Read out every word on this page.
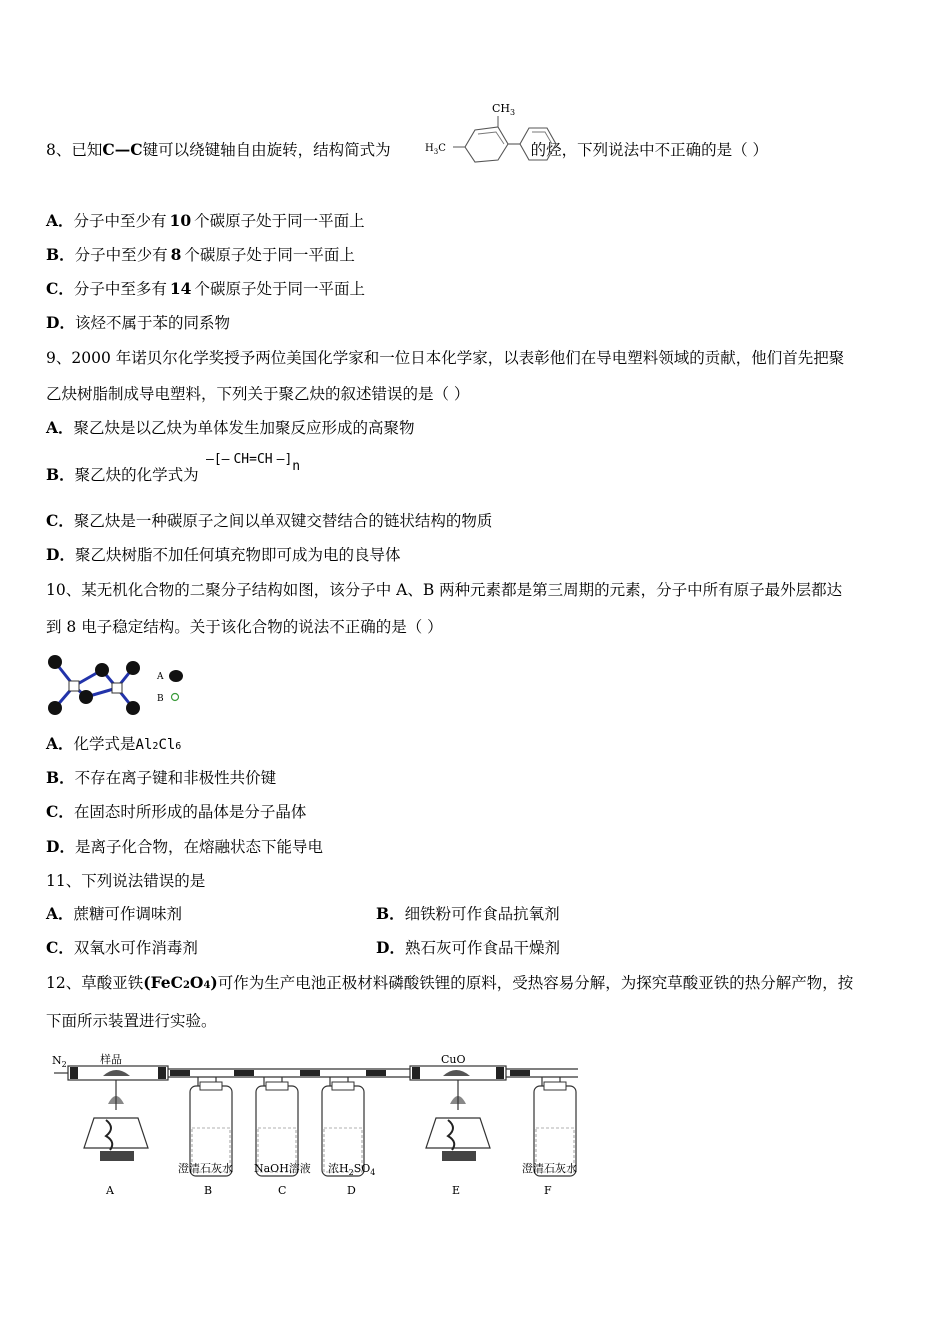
8、已知C—C键可以绕键轴自由旋转，结构简式为	的烃，下列说法中不正确的是（ ）
$CH_3$
$H_3C$
A．分子中至少有 10 个碳原子处于同一平面上
B．分子中至少有 8 个碳原子处于同一平面上
C．分子中至多有 14 个碳原子处于同一平面上
D．该烃不属于苯的同系物
9、2000 年诺贝尔化学奖授予两位美国化学家和一位日本化学家，以表彰他们在导电塑料领域的贡献，他们首先把聚
乙炔树脂制成导电塑料，下列关于聚乙炔的叙述错误的是（ ）
A．聚乙炔是以乙炔为单体发生加聚反应形成的高聚物
B．聚乙炔的化学式为
—[— CH=CH —]n
C．聚乙炔是一种碳原子之间以单双键交替结合的链状结构的物质
D．聚乙炔树脂不加任何填充物即可成为电的良导体
10、某无机化合物的二聚分子结构如图，该分子中 A、B 两种元素都是第三周期的元素，分子中所有原子最外层都达
到 8 电子稳定结构。关于该化合物的说法不正确的是（ ）
A
B
A．化学式是Al2Cl6
B．不存在离子键和非极性共价键
C．在固态时所形成的晶体是分子晶体
D．是离子化合物，在熔融状态下能导电
11、下列说法错误的是
A．蔗糖可作调味剂	B．细铁粉可作食品抗氧剂
C．双氧水可作消毒剂	D．熟石灰可作食品干燥剂
12、草酸亚铁(FeC2O4)可作为生产电池正极材料磷酸铁锂的原料，受热容易分解，为探究草酸亚铁的热分解产物，按
下面所示装置进行实验。
$N_2$	样品	CuO
澄清石灰水 NaOH溶液 浓$H_2SO_4$	澄清石灰水
A	B	C	D	E	F
